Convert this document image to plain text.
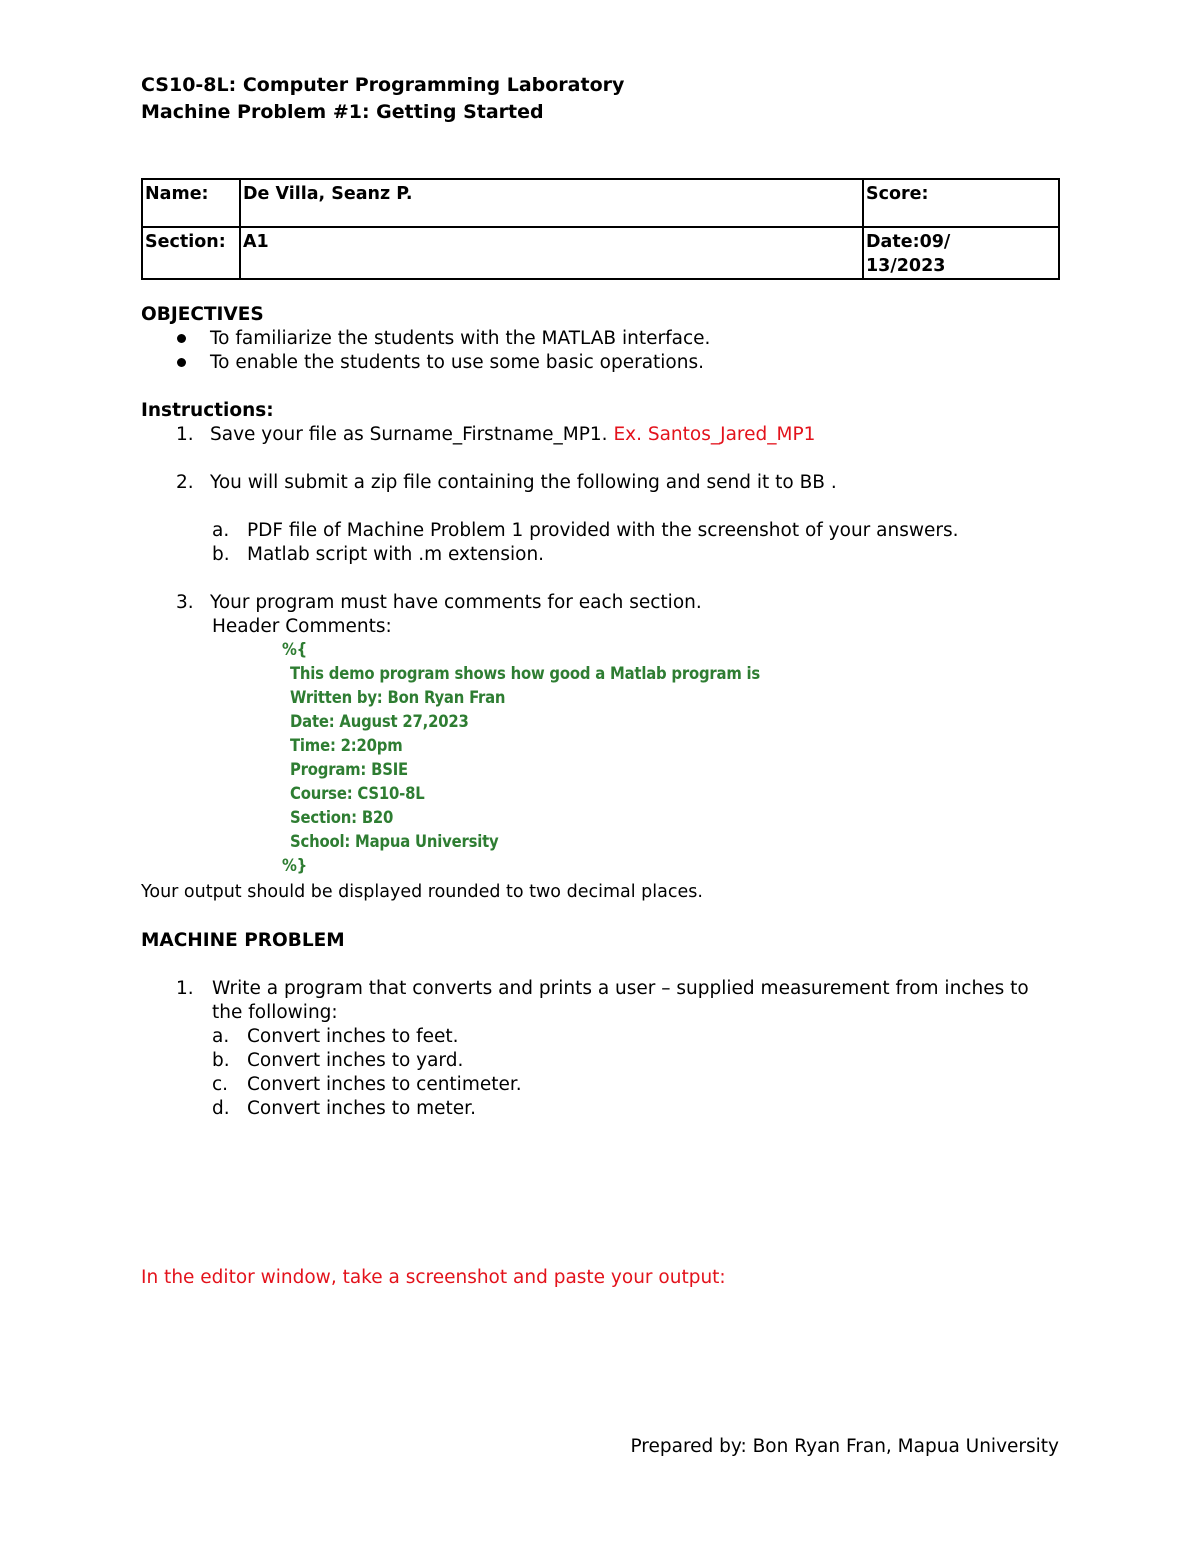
CS10-8L: Computer Programming Laboratory
Machine Problem #1: Getting Started
Name:	De Villa, Seanz P.	Score:
Section:	A1	Date:09/
13/2023
OBJECTIVES
To familiarize the students with the MATLAB interface.
To enable the students to use some basic operations.
Instructions:
1. Save your file as Surname_Firstname_MP1. Ex. Santos_Jared_MP1
2. You will submit a zip file containing the following and send it to BB .
a. PDF file of Machine Problem 1 provided with the screenshot of your answers.
b. Matlab script with .m extension.
3. Your program must have comments for each section.
Header Comments:
%{
This demo program shows how good a Matlab program is
Written by: Bon Ryan Fran
Date: August 27,2023
Time: 2:20pm
Program: BSIE
Course: CS10-8L
Section: B20
School: Mapua University
%}
Your output should be displayed rounded to two decimal places.
MACHINE PROBLEM
1. Write a program that converts and prints a user – supplied measurement from inches to
the following:
a. Convert inches to feet.
b. Convert inches to yard.
c. Convert inches to centimeter.
d. Convert inches to meter.
In the editor window, take a screenshot and paste your output:
Prepared by: Bon Ryan Fran, Mapua University
